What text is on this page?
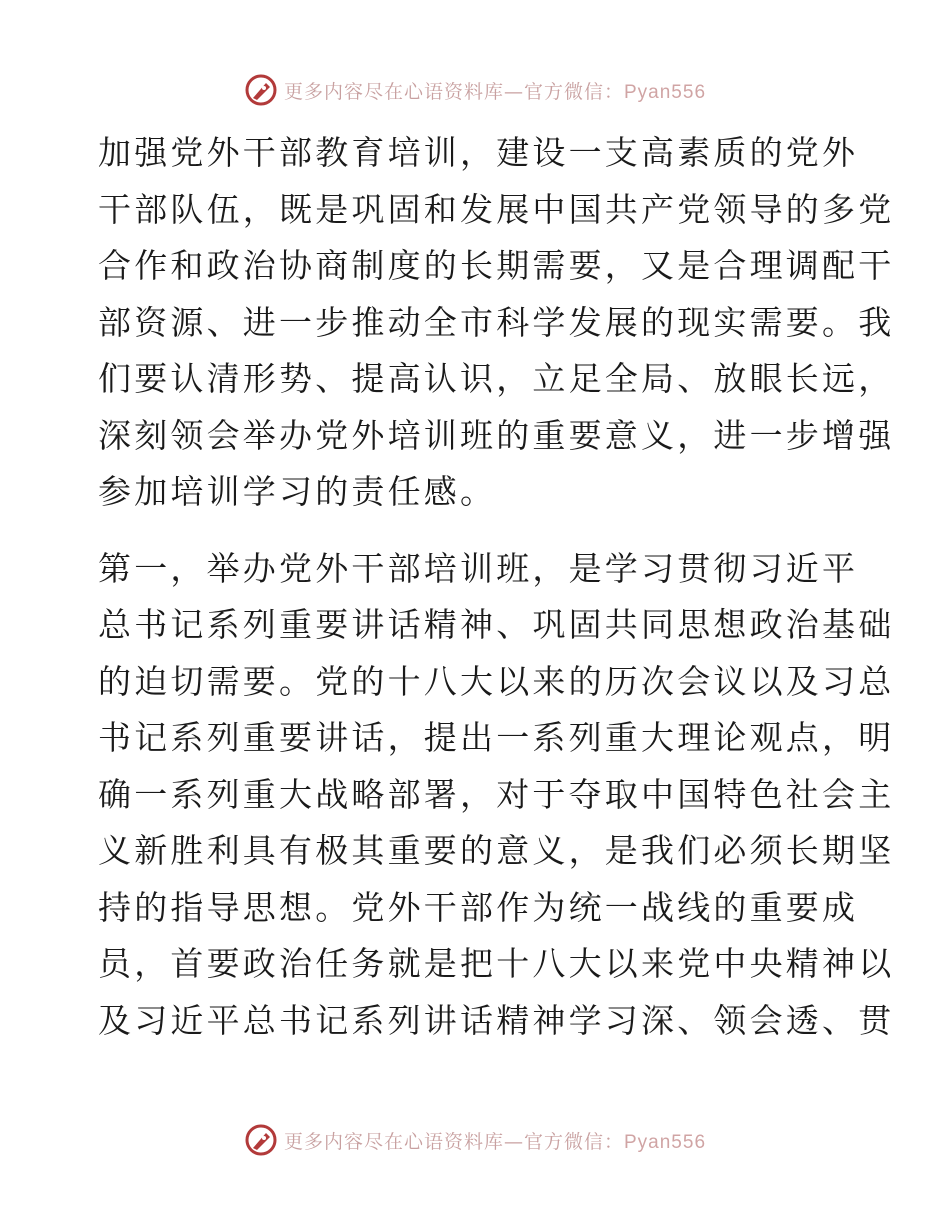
更多内容尽在心语资料库—官方微信：Pyan556

加强党外干部教育培训，建设一支高素质的党外
干部队伍，既是巩固和发展中国共产党领导的多党
合作和政治协商制度的长期需要，又是合理调配干
部资源、进一步推动全市科学发展的现实需要。我
们要认清形势、提高认识，立足全局、放眼长远，
深刻领会举办党外培训班的重要意义，进一步增强
参加培训学习的责任感。

第一，举办党外干部培训班，是学习贯彻习近平
总书记系列重要讲话精神、巩固共同思想政治基础
的迫切需要。党的十八大以来的历次会议以及习总
书记系列重要讲话，提出一系列重大理论观点，明
确一系列重大战略部署，对于夺取中国特色社会主
义新胜利具有极其重要的意义，是我们必须长期坚
持的指导思想。党外干部作为统一战线的重要成
员，首要政治任务就是把十八大以来党中央精神以
及习近平总书记系列讲话精神学习深、领会透、贯

更多内容尽在心语资料库—官方微信：Pyan556
